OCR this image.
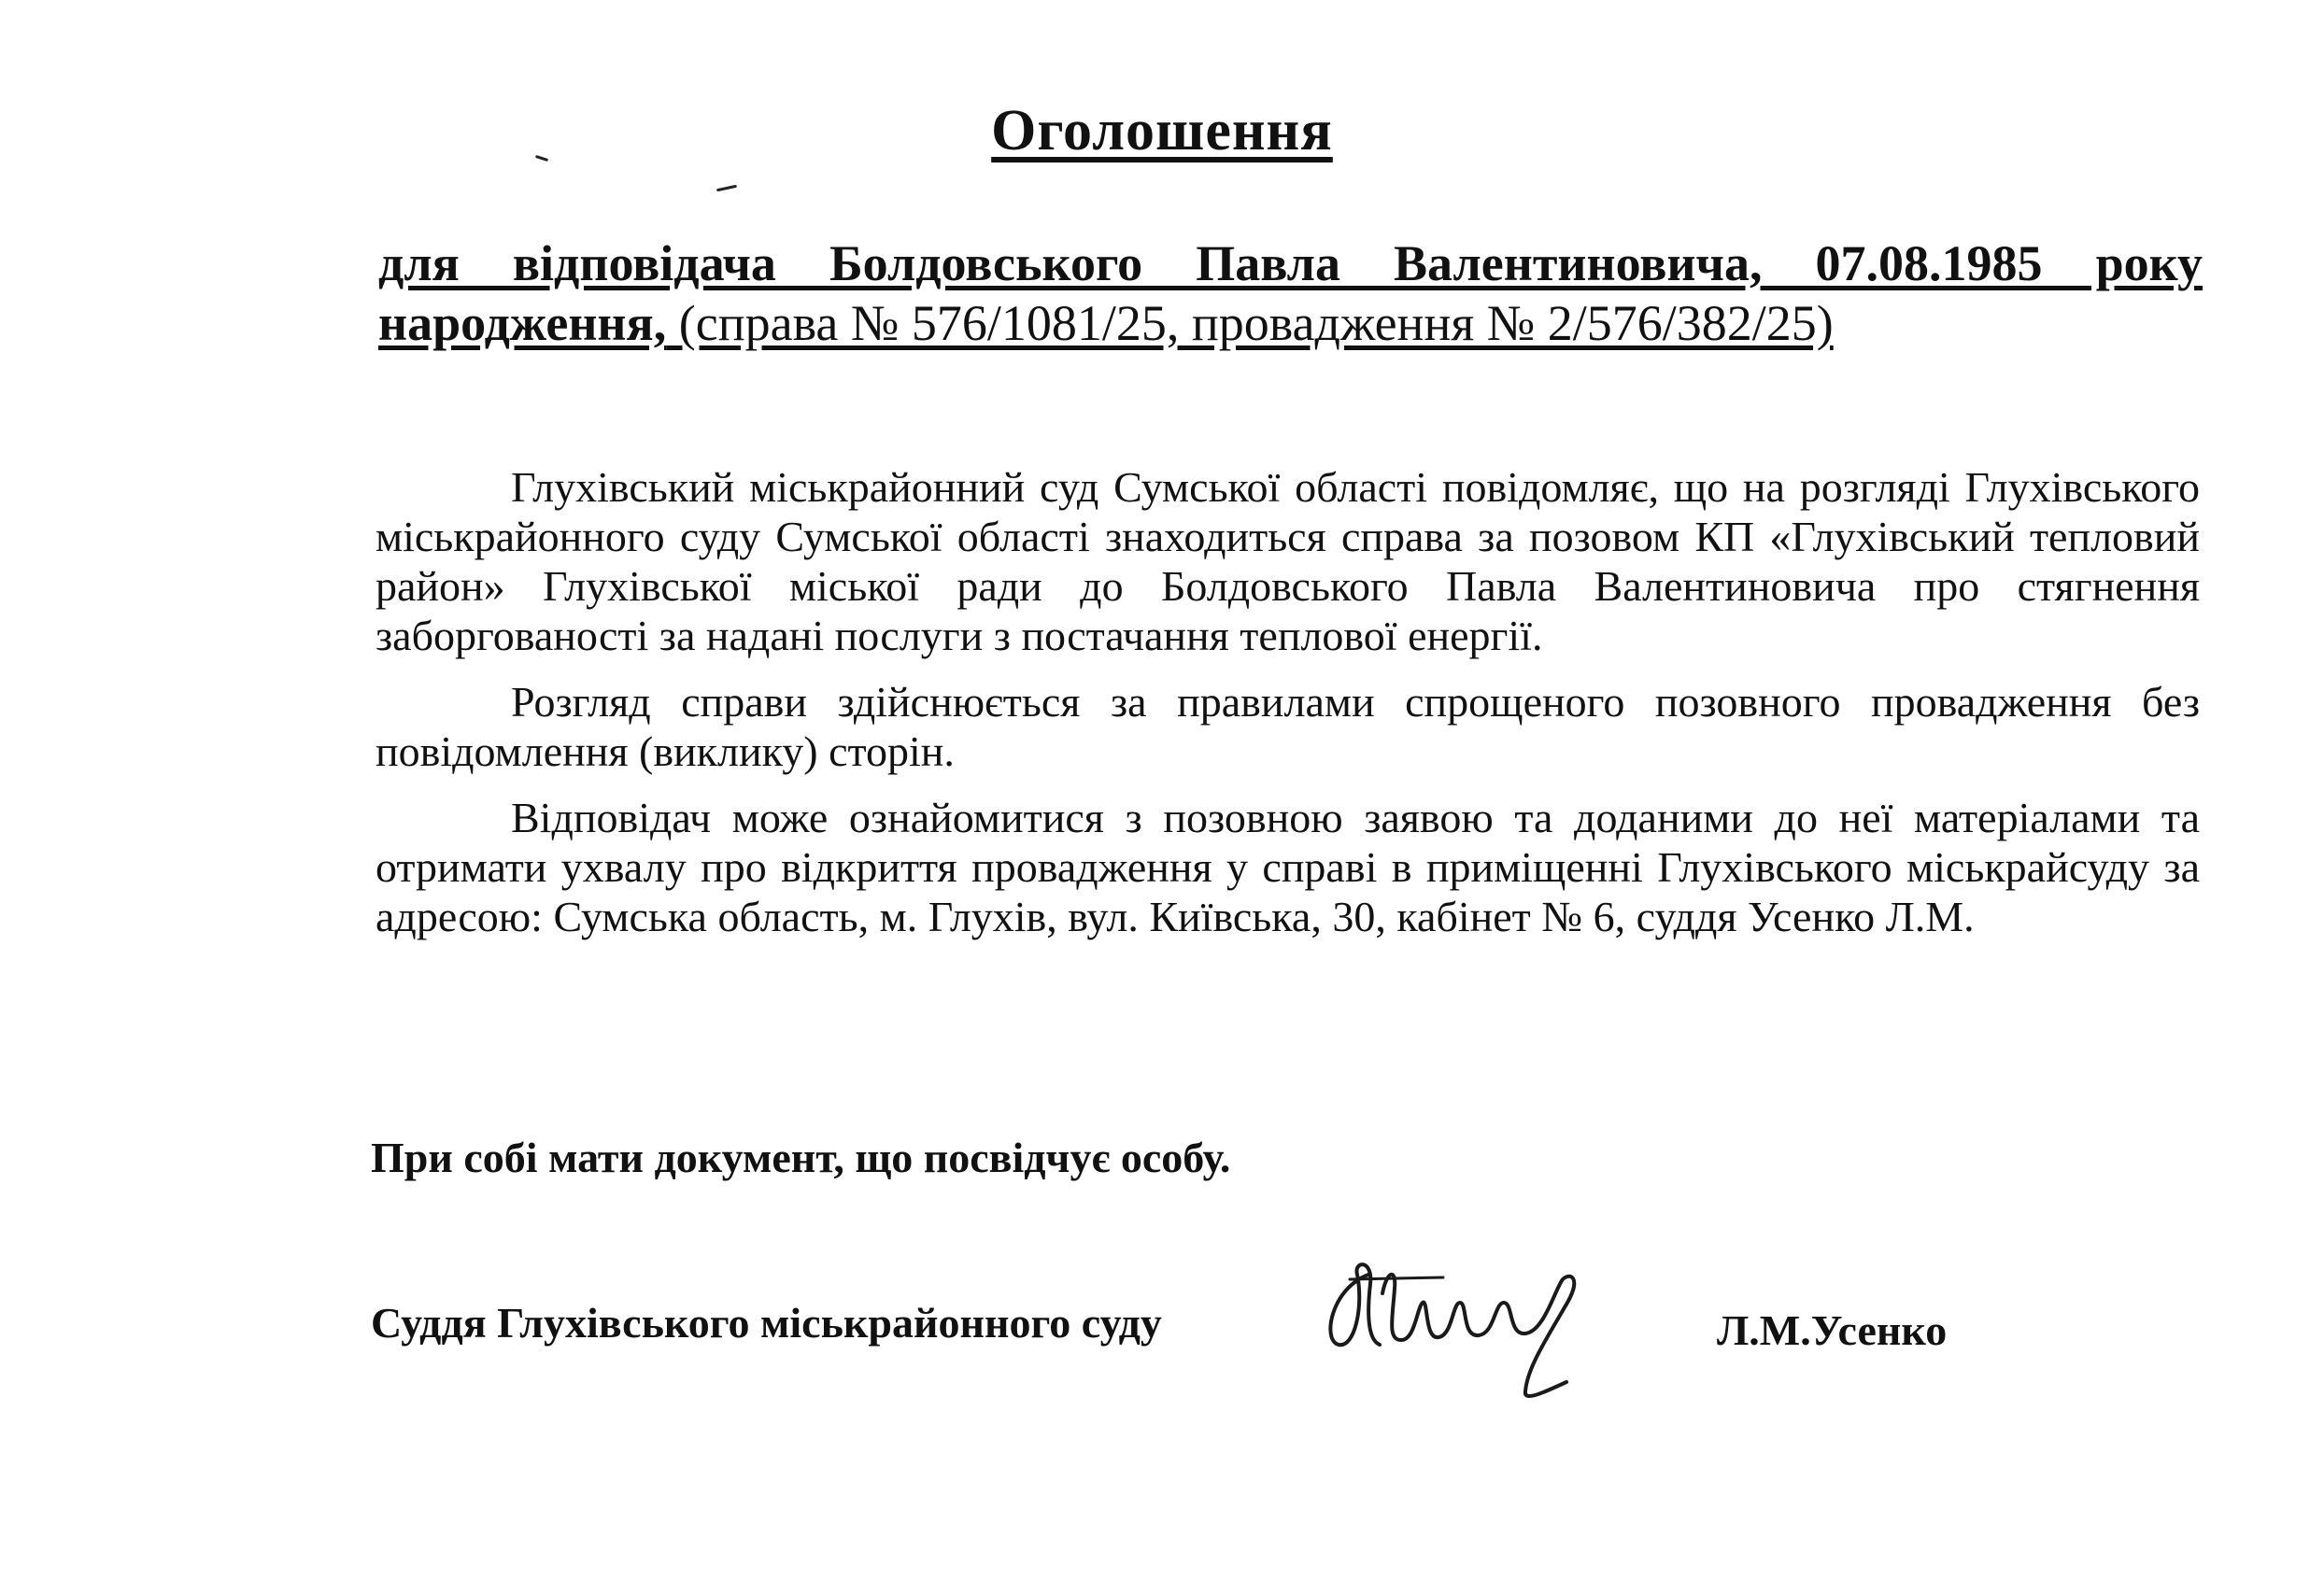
Оголошення
для відповідача Болдовського Павла Валентиновича, 07.08.1985 року
народження, (справа № 576/1081/25, провадження № 2/576/382/25)

Глухівський міськрайонний суд Сумської області повідомляє, що на розгляді Глухівського міськрайонного суду Сумської області знаходиться справа за позовом КП «Глухівський тепловий район» Глухівської міської ради до Болдовського Павла Валентиновича про стягнення заборгованості за надані послуги з постачання теплової енергії.

Розгляд справи здійснюється за правилами спрощеного позовного провадження без повідомлення (виклику) сторін.

Відповідач може ознайомитися з позовною заявою та доданими до неї матеріалами та отримати ухвалу про відкриття провадження у справі в приміщенні Глухівського міськрайсуду за адресою: Сумська область, м. Глухів, вул. Київська, 30, кабінет № 6, суддя Усенко Л.М.

При собі мати документ, що посвідчує особу.
Суддя Глухівського міськрайонного суду	Л.М.Усенко
